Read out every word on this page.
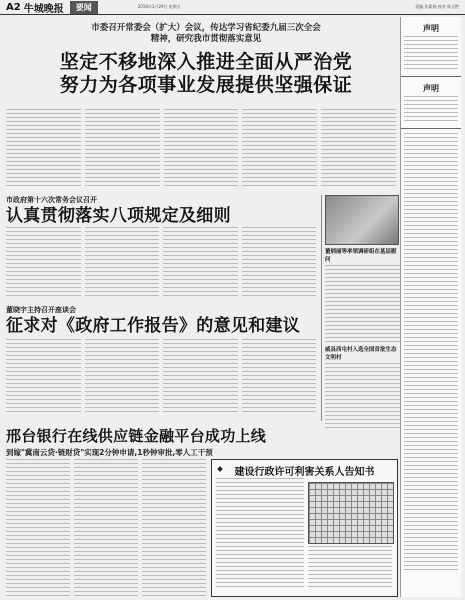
A2 牛城晚报	要闻	2016年1月29日 星期五	责编 张素娟 校对 陈宝艳
市委召开常委会（扩大）会议，传达学习省纪委九届三次全会
精神，研究我市贯彻落实意见
坚定不移地深入推进全面从严治党
努力为各项事业发展提供坚强保证
市政府第十六次常务会议召开
认真贯彻落实八项规定及细则
董晓宇主持召开座谈会
征求对《政府工作报告》的意见和建议
董炳丽等率领调研组在基层慰问
威县西屯村入选全国首批生态文明村
邢台银行在线供应链金融平台成功上线
到嫁"冀南云贷·链财贷"实现2分钟申请,1秒钟审批,零人工干预
建设行政许可利害关系人告知书
声明
声明
